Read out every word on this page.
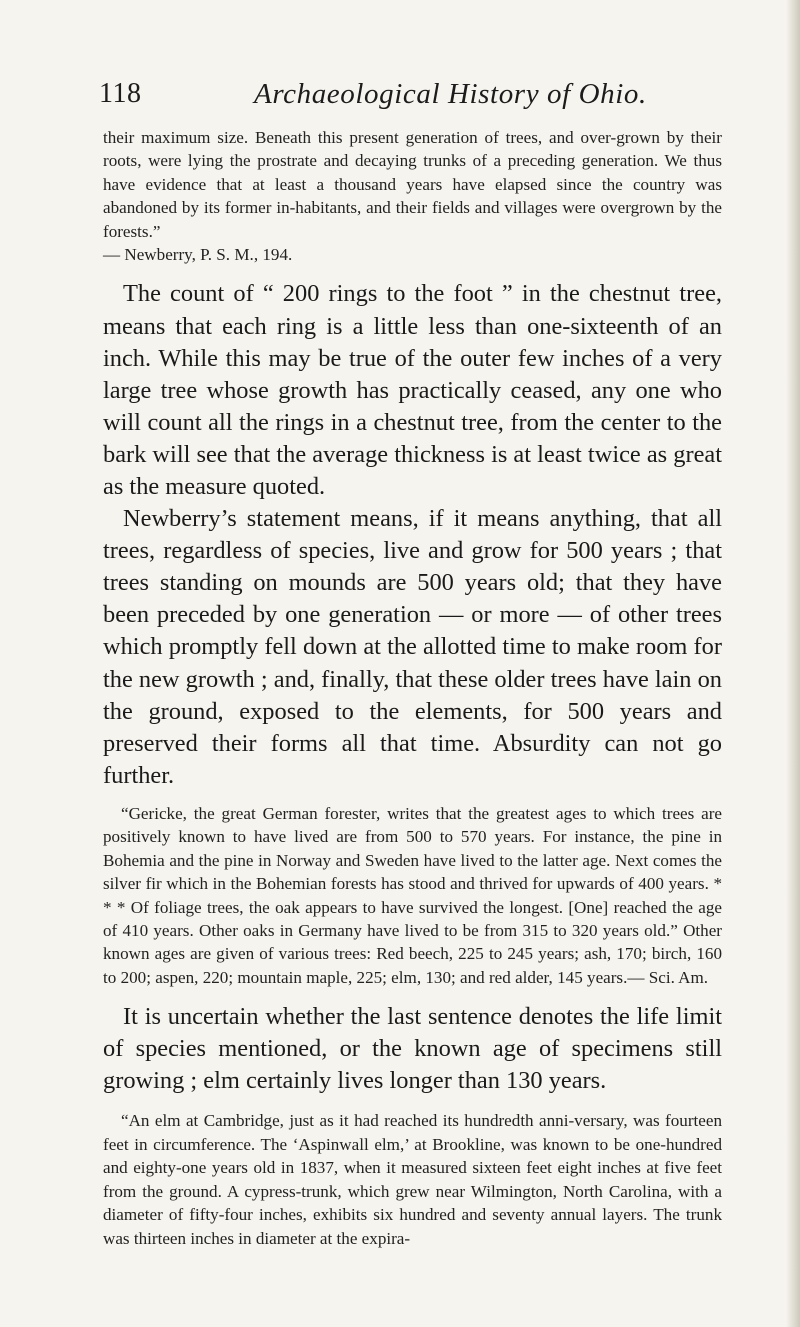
118	Archaeological History of Ohio.

their maximum size. Beneath this present generation of trees, and over-grown by their roots, were lying the prostrate and decaying trunks of a preceding generation. We thus have evidence that at least a thousand years have elapsed since the country was abandoned by its former in-habitants, and their fields and villages were overgrown by the forests.”

— Newberry, P. S. M., 194.

The count of “ 200 rings to the foot ” in the chestnut tree, means that each ring is a little less than one-sixteenth of an inch. While this may be true of the outer few inches of a very large tree whose growth has practically ceased, any one who will count all the rings in a chestnut tree, from the center to the bark will see that the average thickness is at least twice as great as the measure quoted.

Newberry’s statement means, if it means anything, that all trees, regardless of species, live and grow for 500 years ; that trees standing on mounds are 500 years old; that they have been preceded by one generation — or more — of other trees which promptly fell down at the allotted time to make room for the new growth ; and, finally, that these older trees have lain on the ground, exposed to the elements, for 500 years and preserved their forms all that time. Absurdity can not go further.

“Gericke, the great German forester, writes that the greatest ages to which trees are positively known to have lived are from 500 to 570 years. For instance, the pine in Bohemia and the pine in Norway and Sweden have lived to the latter age. Next comes the silver fir which in the Bohemian forests has stood and thrived for upwards of 400 years. * * * Of foliage trees, the oak appears to have survived the longest. [One] reached the age of 410 years. Other oaks in Germany have lived to be from 315 to 320 years old.” Other known ages are given of various trees: Red beech, 225 to 245 years; ash, 170; birch, 160 to 200; aspen, 220; mountain maple, 225; elm, 130; and red alder, 145 years.— Sci. Am.

It is uncertain whether the last sentence denotes the life limit of species mentioned, or the known age of specimens still growing ; elm certainly lives longer than 130 years.

“An elm at Cambridge, just as it had reached its hundredth anni-versary, was fourteen feet in circumference. The ‘Aspinwall elm,’ at Brookline, was known to be one-hundred and eighty-one years old in 1837, when it measured sixteen feet eight inches at five feet from the ground. A cypress-trunk, which grew near Wilmington, North Carolina, with a diameter of fifty-four inches, exhibits six hundred and seventy annual layers. The trunk was thirteen inches in diameter at the expira-
